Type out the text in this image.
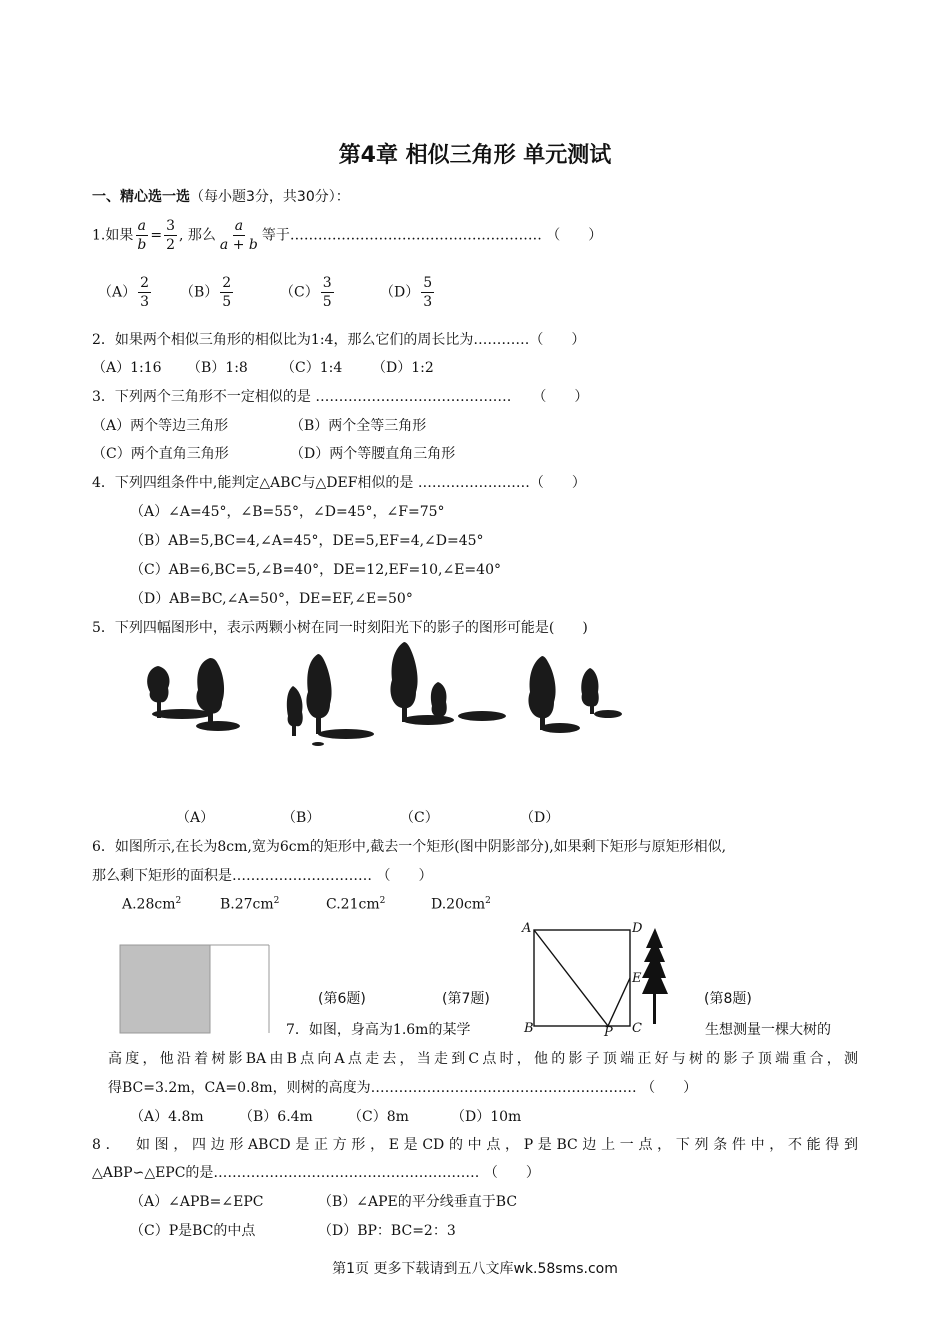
第4章 相似三角形 单元测试
一、精心选一选（每小题3分，共30分）：
1.如果 $\frac{a}{b} = \frac{3}{2}$ , 那么 $\frac{a}{a + b}$ 等于……………………………………………… （　　）
$(A) \frac{2}{3} (B) \frac{2}{5}$	$(C) \frac{3}{5}$	$(D) \frac{5}{3}$
2．如果两个相似三角形的相似比为1:4，那么它们的周长比为…………（　　）
（A）1:16 （B）1:8 （C）1:4 （D）1:2
3．下列两个三角形不一定相似的是 ……………………………………　　（　　）
（A）两个等边三角形	（B）两个全等三角形
（C）两个直角三角形	（D）两个等腰直角三角形
4．下列四组条件中,能判定△ABC与△DEF相似的是 ……………………（　　）
（A）∠A=45°，∠B=55°，∠D=45°，∠F=75°
（B）AB=5,BC=4,∠A=45°，DE=5,EF=4,∠D=45°
（C）AB=6,BC=5,∠B=40°，DE=12,EF=10,∠E=40°
（D）AB=BC,∠A=50°，DE=EF,∠E=50°
5．下列四幅图形中，表示两颗小树在同一时刻阳光下的影子的图形可能是(　　)
（A）	（B）	（C）	（D）
6．如图所示,在长为8cm,宽为6cm的矩形中,截去一个矩形(图中阴影部分),如果剩下矩形与原矩形相似,
那么剩下矩形的面积是………………………… （　　）
$A.28cm^2$	$B.27cm^2$	$C.21cm^2$	$D.20cm^2$
(第6题)	(第7题)	(第8题)
A	D
E
B	P C
7．如图，身高为1.6m的某学	生想测量一棵大树的
高度，他沿着树影BA由B点向A点走去，当走到C点时，他的影子顶端正好与树的影子顶端重合，测
得BC=3.2m，CA=0.8m，则树的高度为………………………………………………… （　　）
（A）4.8m	（B）6.4m	（C）8m	（D）10m
8．　如图，四边形ABCD是正方形，E是CD的中点，P是BC边上一点，下列条件中，不能得到
△ABP∽△EPC的是………………………………………………… （　　）
（A）∠APB=∠EPC	（B）∠APE的平分线垂直于BC
（C）P是BC的中点	（D）BP：BC=2：3
第1页 更多下载请到五八文库wk.58sms.com
